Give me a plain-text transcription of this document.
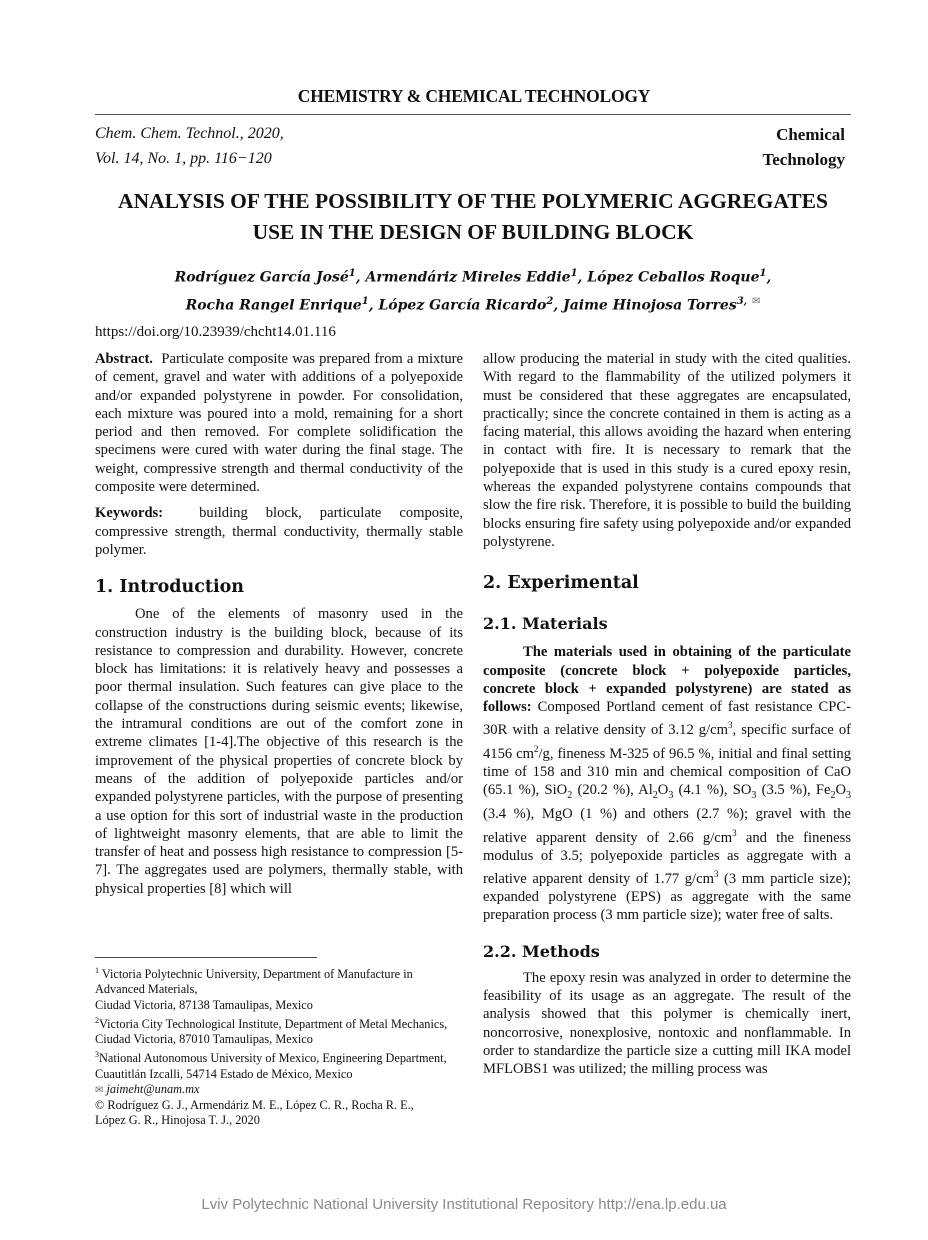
CHEMISTRY & CHEMICAL TECHNOLOGY
Chem. Chem. Technol., 2020,
Vol. 14, No. 1, pp. 116−120
Chemical
Technology
ANALYSIS OF THE POSSIBILITY OF THE POLYMERIC AGGREGATES
USE IN THE DESIGN OF BUILDING BLOCK
Rodríguez García José$^1$, Armendáriz Mireles Eddie$^1$, López Ceballos Roque$^1$,
Rocha Rangel Enrique$^1$, López García Ricardo$^2$, Jaime Hinojosa Torres$^{3,}$ ✉
https://doi.org/10.23939/chcht14.01.116

Abstract. Particulate composite was prepared from a mixture of cement, gravel and water with additions of a polyepoxide and/or expanded polystyrene in powder. For consolidation, each mixture was poured into a mold, remaining for a short period and then removed. For complete solidification the specimens were cured with water during the final stage. The weight, compressive strength and thermal conductivity of the composite were determined.

Keywords: building block, particulate composite, compressive strength, thermal conductivity, thermally stable polymer.

1. Introduction

One of the elements of masonry used in the construction industry is the building block, because of its resistance to compression and durability. However, concrete block has limitations: it is relatively heavy and possesses a poor thermal insulation. Such features can give place to the collapse of the constructions during seismic events; likewise, the intramural conditions are out of the comfort zone in extreme climates [1-4].The objective of this research is the improvement of the physical properties of concrete block by means of the addition of polyepoxide particles and/or expanded polystyrene particles, with the purpose of presenting a use option for this sort of industrial waste in the production of lightweight masonry elements, that are able to limit the transfer of heat and possess high resistance to compression [5-7]. The aggregates used are polymers, thermally stable, with physical properties [8] which will

$^1$ Victoria Polytechnic University, Department of Manufacture in Advanced Materials,
Ciudad Victoria, 87138 Tamaulipas, Mexico
$^2$Victoria City Technological Institute, Department of Metal Mechanics,
Ciudad Victoria, 87010 Tamaulipas, Mexico
$^3$National Autonomous University of Mexico, Engineering Department,
Cuautitlán Izcalli, 54714 Estado de México, Mexico
✉ jaimeht@unam.mx
© Rodríguez G. J., Armendáriz M. E., López C. R., Rocha R. E.,
López G. R., Hinojosa T. J., 2020

allow producing the material in study with the cited qualities. With regard to the flammability of the utilized polymers it must be considered that these aggregates are encapsulated, practically; since the concrete contained in them is acting as a facing material, this allows avoiding the hazard when entering in contact with fire. It is necessary to remark that the polyepoxide that is used in this study is a cured epoxy resin, whereas the expanded polystyrene contains compounds that slow the fire risk. Therefore, it is possible to build the building blocks ensuring fire safety using polyepoxide and/or expanded polystyrene.

2. Experimental
2.1. Materials

The materials used in obtaining of the particulate composite (concrete block + polyepoxide particles, concrete block + expanded polystyrene) are stated as follows: Composed Portland cement of fast resistance CPC-30R with a relative density of 3.12 $g/cm^3$, specific surface of 4156 $cm^2/g$, fineness M-325 of 96.5 %, initial and final setting time of 158 and 310 min and chemical composition of CaO (65.1 %), SiO$_2$ (20.2 %), $Al_2O_3$ (4.1 %), $SO_3$ (3.5 %), $Fe_2O_3$ (3.4 %), MgO (1 %) and others (2.7 %); gravel with the relative apparent density of 2.66 $g/cm^3$ and the fineness modulus of 3.5; polyepoxide particles as aggregate with a relative apparent density of 1.77 $g/cm^3$ (3 mm particle size); expanded polystyrene (EPS) as aggregate with the same preparation process (3 mm particle size); water free of salts.

2.2. Methods

The epoxy resin was analyzed in order to determine the feasibility of its usage as an aggregate. The result of the analysis showed that this polymer is chemically inert, noncorrosive, nonexplosive, nontoxic and nonflammable. In order to standardize the particle size a cutting mill IKA model MFLOBS1 was utilized; the milling process was

Lviv Polytechnic National University Institutional Repository http://ena.lp.edu.ua
